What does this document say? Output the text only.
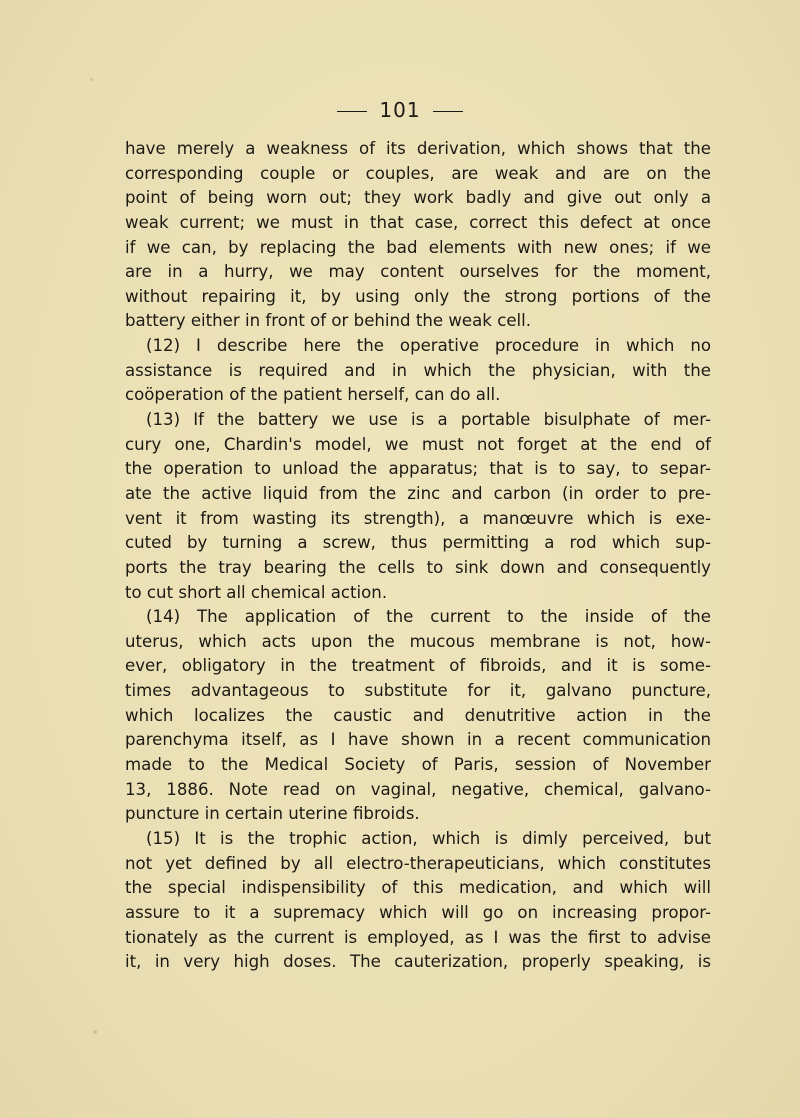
101
have merely a weakness of its derivation, which shows that the
corresponding couple or couples, are weak and are on the
point of being worn out; they work badly and give out only a
weak current; we must in that case, correct this defect at once
if we can, by replacing the bad elements with new ones; if we
are in a hurry, we may content ourselves for the moment,
without repairing it, by using only the strong portions of the
battery either in front of or behind the weak cell.
(12) I describe here the operative procedure in which no
assistance is required and in which the physician, with the
coöperation of the patient herself, can do all.
(13) If the battery we use is a portable bisulphate of mer-
cury one, Chardin's model, we must not forget at the end of
the operation to unload the apparatus; that is to say, to separ-
ate the active liquid from the zinc and carbon (in order to pre-
vent it from wasting its strength), a manœuvre which is exe-
cuted by turning a screw, thus permitting a rod which sup-
ports the tray bearing the cells to sink down and consequently
to cut short all chemical action.
(14) The application of the current to the inside of the
uterus, which acts upon the mucous membrane is not, how-
ever, obligatory in the treatment of fibroids, and it is some-
times advantageous to substitute for it, galvano puncture,
which localizes the caustic and denutritive action in the
parenchyma itself, as I have shown in a recent communication
made to the Medical Society of Paris, session of November
13, 1886. Note read on vaginal, negative, chemical, galvano-
puncture in certain uterine fibroids.
(15) It is the trophic action, which is dimly perceived, but
not yet defined by all electro-therapeuticians, which constitutes
the special indispensibility of this medication, and which will
assure to it a supremacy which will go on increasing propor-
tionately as the current is employed, as I was the first to advise
it, in very high doses. The cauterization, properly speaking, is
